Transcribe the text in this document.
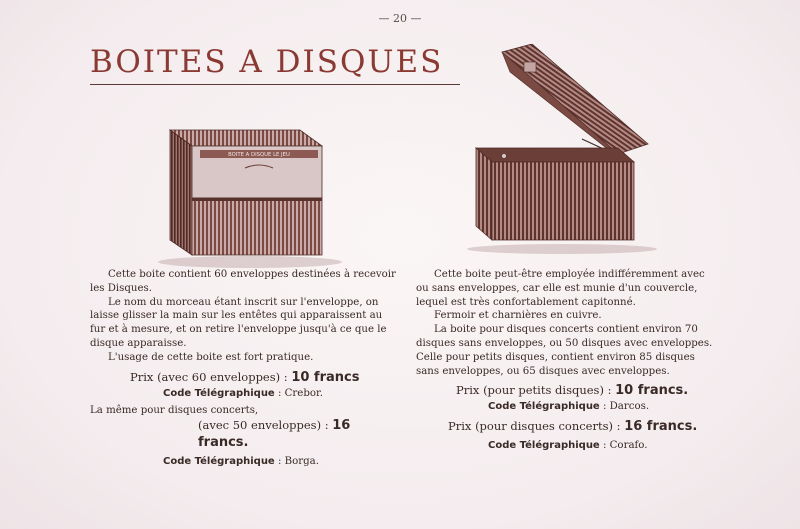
— 20 —
BOITES A DISQUES
BOITE A DISQUE LE JEU

Cette boite contient 60 enveloppes destinées à recevoir les Disques.

Le nom du morceau étant inscrit sur l'enveloppe, on laisse glisser la main sur les entêtes qui apparaissent au fur et à mesure, et on retire l'enveloppe jusqu'à ce que le disque apparaisse.

L'usage de cette boite est fort pratique.

Prix (avec 60 enveloppes) : 10 francs
Code Télégraphique : Crebor.

La même pour disques concerts,

(avec 50 enveloppes) : 16 francs.
Code Télégraphique : Borga.

Cette boite peut-être employée indifféremment avec ou sans enveloppes, car elle est munie d'un couvercle, lequel est très confortablement capitonné.

Fermoir et charnières en cuivre.

La boite pour disques concerts contient environ 70 disques sans enveloppes, ou 50 disques avec enveloppes. Celle pour petits disques, contient environ 85 disques sans enveloppes, ou 65 disques avec enveloppes.

Prix (pour petits disques) : 10 francs.
Code Télégraphique : Darcos.
Prix (pour disques concerts) : 16 francs.
Code Télégraphique : Corafo.
